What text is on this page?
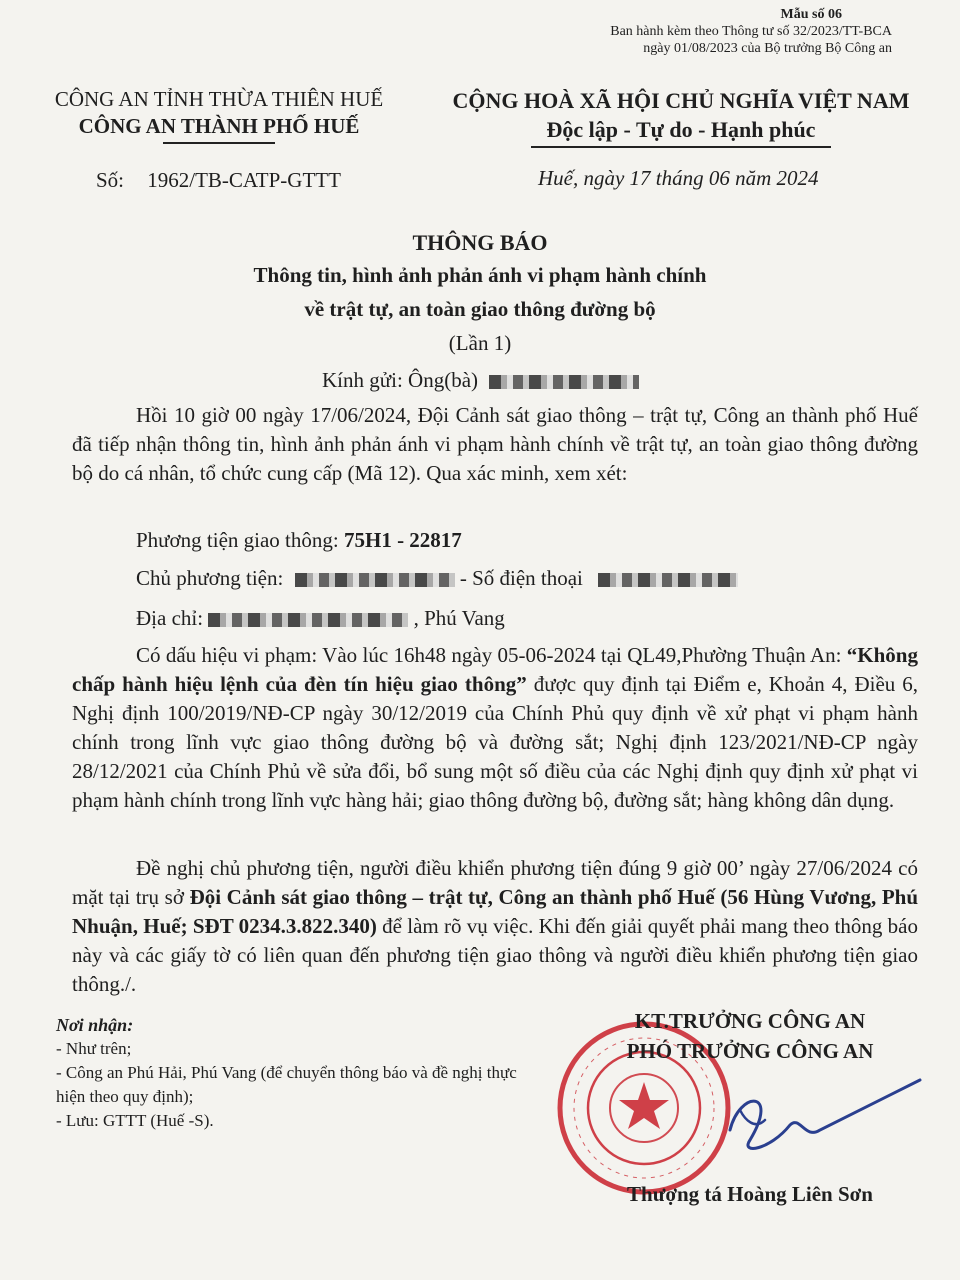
Mẫu số 06
Ban hành kèm theo Thông tư số 32/2023/TT-BCA
ngày 01/08/2023 của Bộ trưởng Bộ Công an
CÔNG AN TỈNH THỪA THIÊN HUẾ
CÔNG AN THÀNH PHỐ HUẾ
CỘNG HOÀ XÃ HỘI CHỦ NGHĨA VIỆT NAM
Độc lập - Tự do - Hạnh phúc
Số: 1962/TB-CATP-GTTT	Huế, ngày 17 tháng 06 năm 2024
THÔNG BÁO
Thông tin, hình ảnh phản ánh vi phạm hành chính
về trật tự, an toàn giao thông đường bộ
(Lần 1)
Kính gửi: Ông(bà)
Hồi 10 giờ 00 ngày 17/06/2024, Đội Cảnh sát giao thông – trật tự, Công an thành phố Huế đã tiếp nhận thông tin, hình ảnh phản ánh vi phạm hành chính về trật tự, an toàn giao thông đường bộ do cá nhân, tổ chức cung cấp (Mã 12). Qua xác minh, xem xét:
Phương tiện giao thông: 75H1 - 22817
Chủ phương tiện:	- Số điện thoại
Địa chỉ:	, Phú Vang
Có dấu hiệu vi phạm: Vào lúc 16h48 ngày 05-06-2024 tại QL49,Phường Thuận An: “Không chấp hành hiệu lệnh của đèn tín hiệu giao thông” được quy định tại Điểm e, Khoản 4, Điều 6, Nghị định 100/2019/NĐ-CP ngày 30/12/2019 của Chính Phủ quy định về xử phạt vi phạm hành chính trong lĩnh vực giao thông đường bộ và đường sắt; Nghị định 123/2021/NĐ-CP ngày 28/12/2021 của Chính Phủ về sửa đổi, bổ sung một số điều của các Nghị định quy định xử phạt vi phạm hành chính trong lĩnh vực hàng hải; giao thông đường bộ, đường sắt; hàng không dân dụng.
Đề nghị chủ phương tiện, người điều khiển phương tiện đúng 9 giờ 00’ ngày 27/06/2024 có mặt tại trụ sở Đội Cảnh sát giao thông – trật tự, Công an thành phố Huế (56 Hùng Vương, Phú Nhuận, Huế; SĐT 0234.3.822.340) để làm rõ vụ việc. Khi đến giải quyết phải mang theo thông báo này và các giấy tờ có liên quan đến phương tiện giao thông và người điều khiển phương tiện giao thông./.
Nơi nhận:
- Như trên;
- Công an Phú Hải, Phú Vang (để chuyển thông báo và đề nghị thực hiện theo quy định);
- Lưu: GTTT (Huế -S).
KT.TRƯỞNG CÔNG AN
PHÓ TRƯỞNG CÔNG AN
Thượng tá Hoàng Liên Sơn
